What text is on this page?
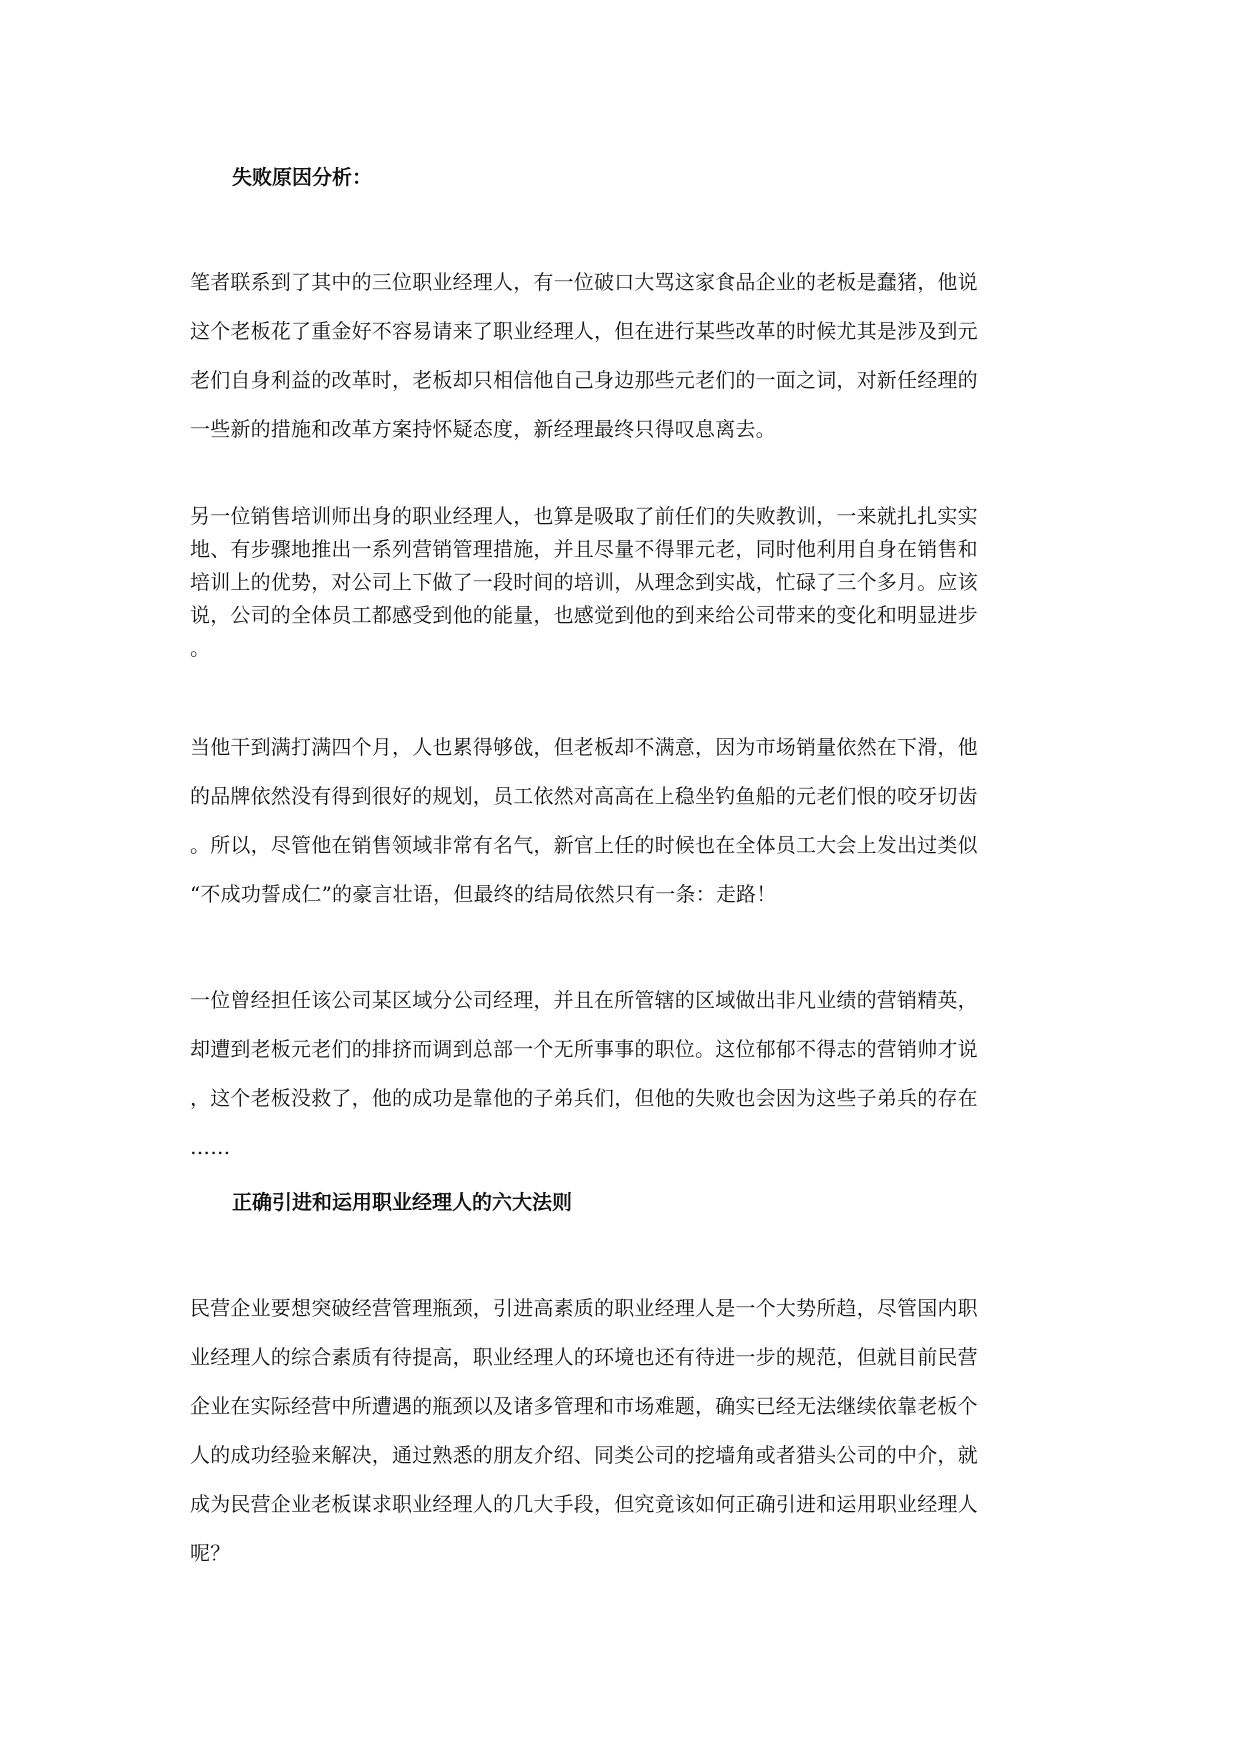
失败原因分析：
笔者联系到了其中的三位职业经理人，有一位破口大骂这家食品企业的老板是蠢猪，他说
这个老板花了重金好不容易请来了职业经理人，但在进行某些改革的时候尤其是涉及到元
老们自身利益的改革时，老板却只相信他自己身边那些元老们的一面之词，对新任经理的
一些新的措施和改革方案持怀疑态度，新经理最终只得叹息离去。
另一位销售培训师出身的职业经理人，也算是吸取了前任们的失败教训，一来就扎扎实实
地、有步骤地推出一系列营销管理措施，并且尽量不得罪元老，同时他利用自身在销售和
培训上的优势，对公司上下做了一段时间的培训，从理念到实战，忙碌了三个多月。应该
说，公司的全体员工都感受到他的能量，也感觉到他的到来给公司带来的变化和明显进步
。
当他干到满打满四个月，人也累得够戗，但老板却不满意，因为市场销量依然在下滑，他
的品牌依然没有得到很好的规划，员工依然对高高在上稳坐钓鱼船的元老们恨的咬牙切齿
。所以，尽管他在销售领域非常有名气，新官上任的时候也在全体员工大会上发出过类似
“不成功誓成仁”的豪言壮语，但最终的结局依然只有一条：走路！
一位曾经担任该公司某区域分公司经理，并且在所管辖的区域做出非凡业绩的营销精英，
却遭到老板元老们的排挤而调到总部一个无所事事的职位。这位郁郁不得志的营销帅才说
，这个老板没救了，他的成功是靠他的子弟兵们，但他的失败也会因为这些子弟兵的存在
……
正确引进和运用职业经理人的六大法则
民营企业要想突破经营管理瓶颈，引进高素质的职业经理人是一个大势所趋，尽管国内职
业经理人的综合素质有待提高，职业经理人的环境也还有待进一步的规范，但就目前民营
企业在实际经营中所遭遇的瓶颈以及诸多管理和市场难题，确实已经无法继续依靠老板个
人的成功经验来解决，通过熟悉的朋友介绍、同类公司的挖墙角或者猎头公司的中介，就
成为民营企业老板谋求职业经理人的几大手段，但究竟该如何正确引进和运用职业经理人
呢？
